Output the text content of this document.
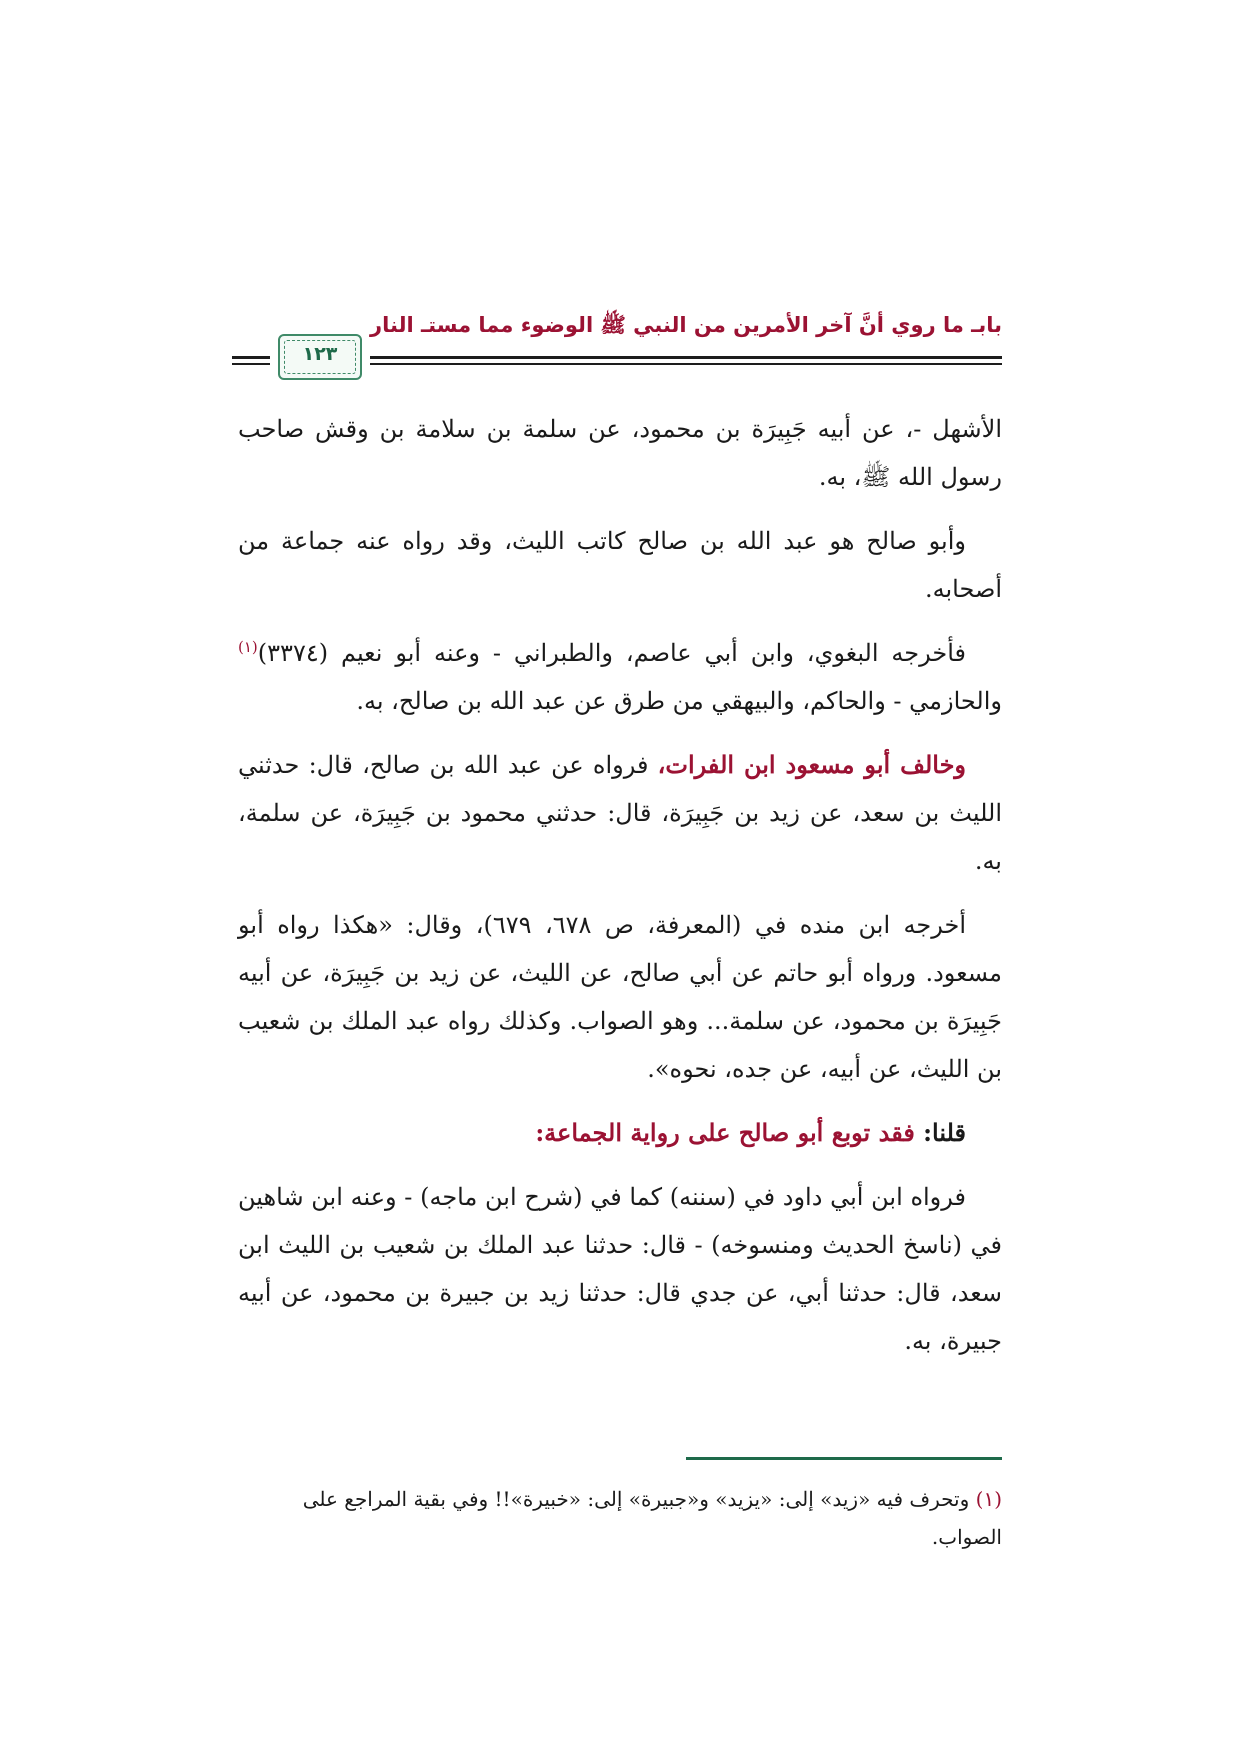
بابـ ما روي أنَّ آخر الأمرين من النبي ﷺ الوضوء مما مستـ النار
١٢٣

الأشهل -، عن أبيه جَبِيرَة بن محمود، عن سلمة بن سلامة بن وقش صاحب رسول الله ﷺ، به.

وأبو صالح هو عبد الله بن صالح كاتب الليث، وقد رواه عنه جماعة من أصحابه.

فأخرجه البغوي، وابن أبي عاصم، والطبراني - وعنه أبو نعيم (٣٣٧٤)$^{(١)}$ والحازمي - والحاكم، والبيهقي من طرق عن عبد الله بن صالح، به.

وخالف أبو مسعود ابن الفرات، فرواه عن عبد الله بن صالح، قال: حدثني الليث بن سعد، عن زيد بن جَبِيرَة، قال: حدثني محمود بن جَبِيرَة، عن سلمة، به.

أخرجه ابن منده في (المعرفة، ص ٦٧٨، ٦٧٩)، وقال: «هكذا رواه أبو مسعود. ورواه أبو حاتم عن أبي صالح، عن الليث، عن زيد بن جَبِيرَة، عن أبيه جَبِيرَة بن محمود، عن سلمة... وهو الصواب. وكذلك رواه عبد الملك بن شعيب بن الليث، عن أبيه، عن جده، نحوه».

قلنا: فقد توبع أبو صالح على رواية الجماعة:

فرواه ابن أبي داود في (سننه) كما في (شرح ابن ماجه) - وعنه ابن شاهين في (ناسخ الحديث ومنسوخه) - قال: حدثنا عبد الملك بن شعيب بن الليث ابن سعد، قال: حدثنا أبي، عن جدي قال: حدثنا زيد بن جبيرة بن محمود، عن أبيه جبيرة، به.

(١) وتحرف فيه «زيد» إلى: «يزيد» و«جبيرة» إلى: «خبيرة»!! وفي بقية المراجع على الصواب.
